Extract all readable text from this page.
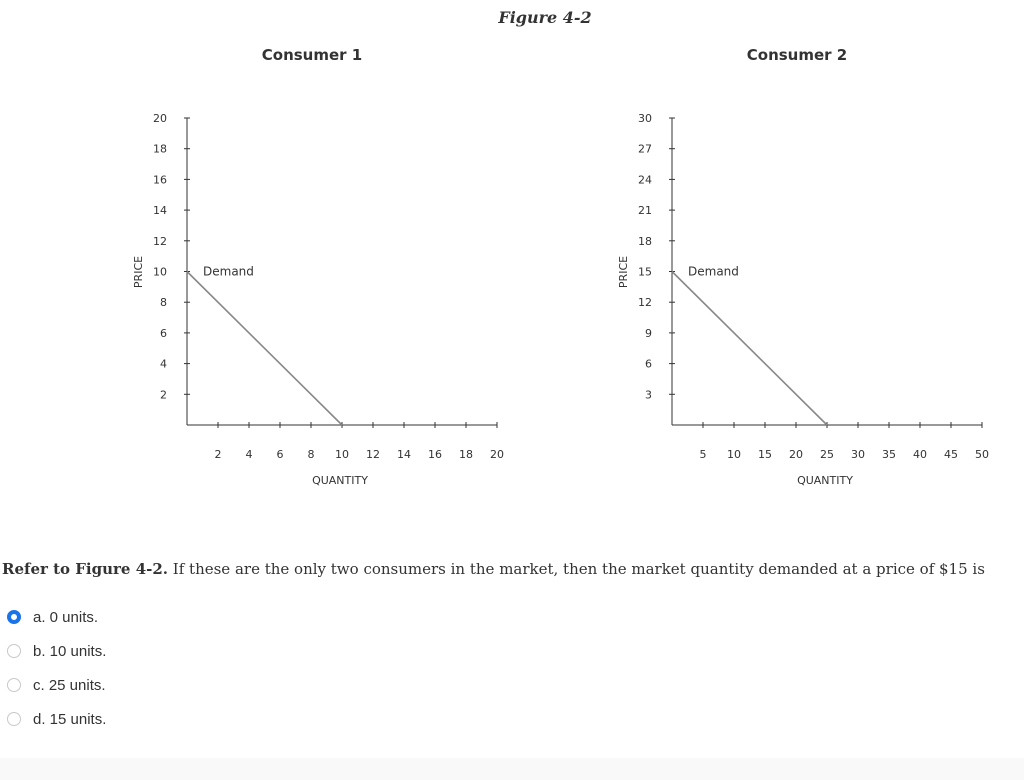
Figure 4-2
Consumer 1
2
4
6
8
10
12
14
16
18
20
2 4 6 8 10 12 14 16 18 20
QUANTITY
PRICE	Demand
Consumer 2
3
6
9
12
15
18
21
24
27
30
5 10 15 20 25 30 35 40 45 50
QUANTITY
PRICE	Demand
Refer to Figure 4-2. If these are the only two consumers in the market, then the market quantity demanded at a price of $15 is
a. 0 units.
b. 10 units.
c. 25 units.
d. 15 units.
